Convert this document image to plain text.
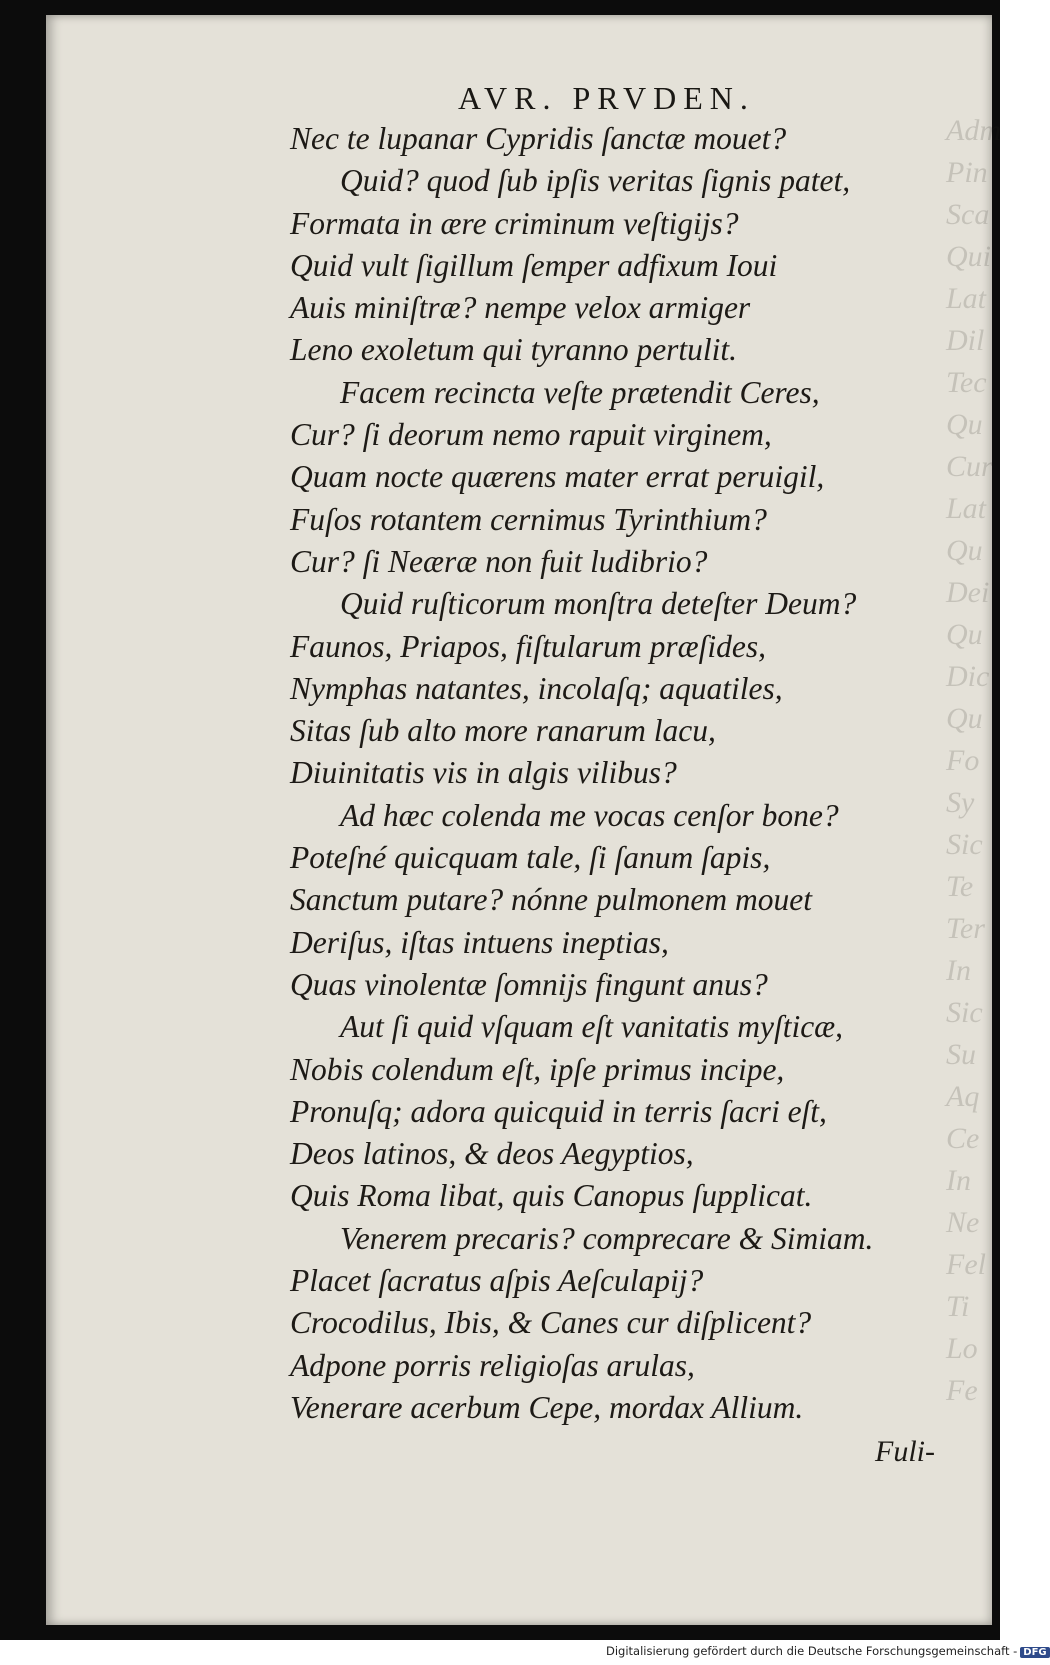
Adm
Pin
Sca
Qui
Lat
Dil
Tec
Qu
Cur
Lat
Qu
Dei
Qu
Dic
Qu
Fo
Sy
Sic
Te
Ter
In
Sic
Su
Aq
Ce
In
Ne
Fel
Ti
Lo
Fe
AVR. PRVDEN.
Nec te lupanar Cypridis ſanctæ mouet?
Quid? quod ſub ipſis veritas ſignis patet,
Formata in ære criminum veſtigijs?
Quid vult ſigillum ſemper adfixum Ioui
Auis miniſtræ? nempe velox armiger
Leno exoletum qui tyranno pertulit.
Facem recincta veſte prætendit Ceres,
Cur? ſi deorum nemo rapuit virginem,
Quam nocte quærens mater errat peruigil,
Fuſos rotantem cernimus Tyrinthium?
Cur? ſi Neæræ non fuit ludibrio?
Quid ruſticorum monſtra deteſter Deum?
Faunos, Priapos, fiſtularum præſides,
Nymphas natantes, incolaſq; aquatiles,
Sitas ſub alto more ranarum lacu,
Diuinitatis vis in algis vilibus?
Ad hæc colenda me vocas cenſor bone?
Poteſné quicquam tale, ſi ſanum ſapis,
Sanctum putare? nónne pulmonem mouet
Deriſus, iſtas intuens ineptias,
Quas vinolentæ ſomnijs fingunt anus?
Aut ſi quid vſquam eſt vanitatis myſticæ,
Nobis colendum eſt, ipſe primus incipe,
Pronuſq; adora quicquid in terris ſacri eſt,
Deos latinos, & deos Aegyptios,
Quis Roma libat, quis Canopus ſupplicat.
Venerem precaris? comprecare & Simiam.
Placet ſacratus aſpis Aeſculapij?
Crocodilus, Ibis, & Canes cur diſplicent?
Adpone porris religioſas arulas,
Venerare acerbum Cepe, mordax Allium.
Fuli-
Digitalisierung gefördert durch die Deutsche Forschungsgemeinschaft - DFG
